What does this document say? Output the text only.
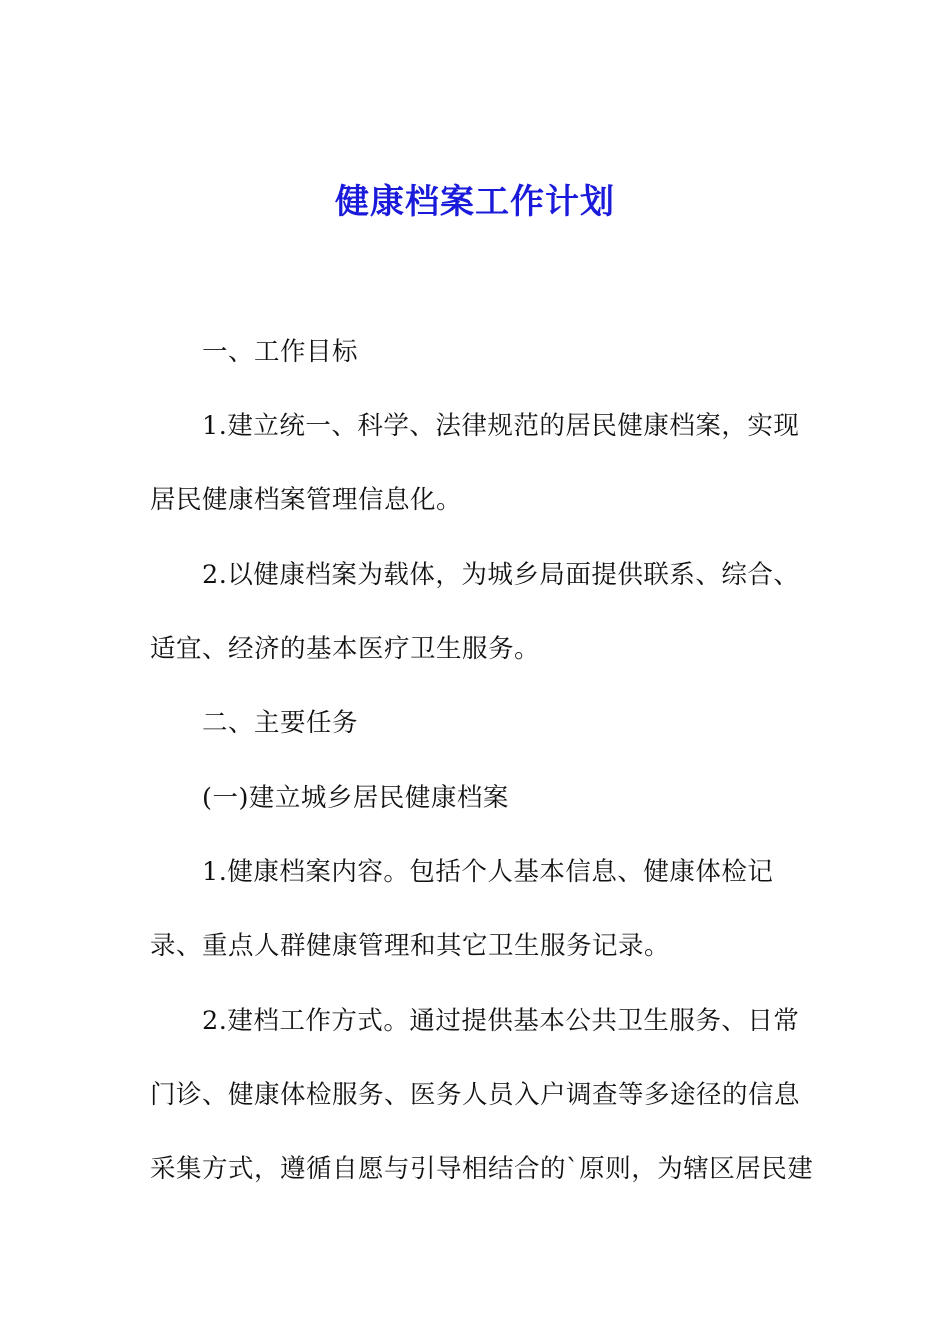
健康档案工作计划
一、工作目标
1.建立统一、科学、法律规范的居民健康档案，实现
居民健康档案管理信息化。
2.以健康档案为载体，为城乡局面提供联系、综合、
适宜、经济的基本医疗卫生服务。
二、主要任务
(一)建立城乡居民健康档案
1.健康档案内容。包括个人基本信息、健康体检记
录、重点人群健康管理和其它卫生服务记录。
2.建档工作方式。通过提供基本公共卫生服务、日常
门诊、健康体检服务、医务人员入户调查等多途径的信息
采集方式，遵循自愿与引导相结合的`原则，为辖区居民建
